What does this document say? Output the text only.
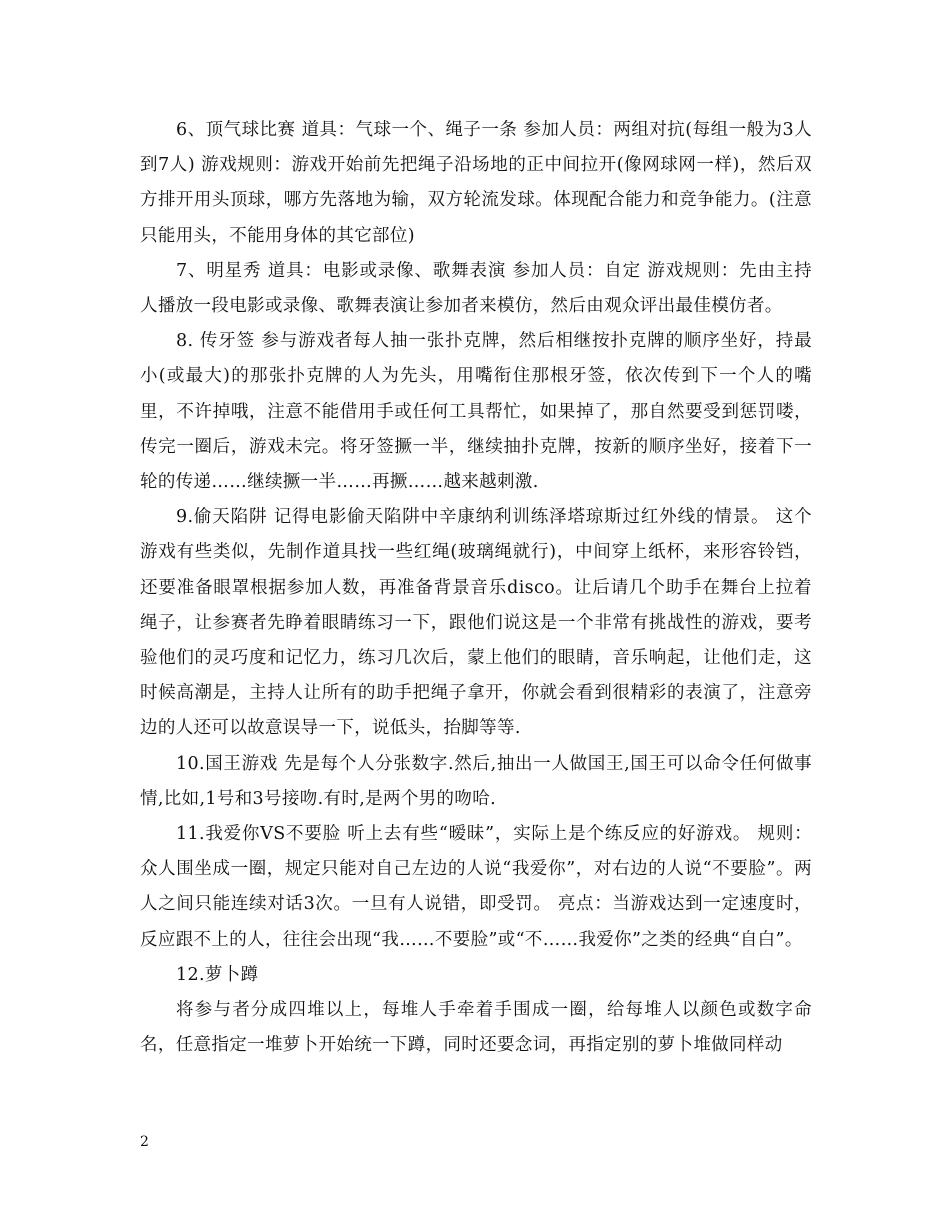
6、顶气球比赛 道具：气球一个、绳子一条 参加人员：两组对抗(每组一般为3人到7人) 游戏规则：游戏开始前先把绳子沿场地的正中间拉开(像网球网一样)，然后双方排开用头顶球，哪方先落地为输，双方轮流发球。体现配合能力和竞争能力。(注意只能用头，不能用身体的其它部位)

7、明星秀 道具：电影或录像、歌舞表演 参加人员：自定 游戏规则：先由主持人播放一段电影或录像、歌舞表演让参加者来模仿，然后由观众评出最佳模仿者。

8. 传牙签 参与游戏者每人抽一张扑克牌，然后相继按扑克牌的顺序坐好，持最小(或最大)的那张扑克牌的人为先头，用嘴衔住那根牙签，依次传到下一个人的嘴里，不许掉哦，注意不能借用手或任何工具帮忙，如果掉了，那自然要受到惩罚喽，传完一圈后，游戏未完。将牙签撅一半，继续抽扑克牌，按新的顺序坐好，接着下一轮的传递……继续撅一半……再撅……越来越刺激.

9.偷天陷阱 记得电影偷天陷阱中辛康纳利训练泽塔琼斯过红外线的情景。 这个游戏有些类似，先制作道具找一些红绳(玻璃绳就行)，中间穿上纸杯，来形容铃铛，还要准备眼罩根据参加人数，再准备背景音乐disco。让后请几个助手在舞台上拉着绳子，让参赛者先睁着眼睛练习一下，跟他们说这是一个非常有挑战性的游戏，要考验他们的灵巧度和记忆力，练习几次后，蒙上他们的眼睛，音乐响起，让他们走，这时候高潮是，主持人让所有的助手把绳子拿开，你就会看到很精彩的表演了，注意旁边的人还可以故意误导一下，说低头，抬脚等等.

10.国王游戏 先是每个人分张数字.然后,抽出一人做国王,国王可以命令任何做事情,比如,1号和3号接吻.有时,是两个男的吻哈.

11.我爱你VS不要脸 听上去有些“暧昧”，实际上是个练反应的好游戏。 规则：众人围坐成一圈，规定只能对自己左边的人说“我爱你”，对右边的人说“不要脸”。两人之间只能连续对话3次。一旦有人说错，即受罚。 亮点：当游戏达到一定速度时，反应跟不上的人，往往会出现“我……不要脸”或“不……我爱你”之类的经典“自白”。

12.萝卜蹲

将参与者分成四堆以上，每堆人手牵着手围成一圈，给每堆人以颜色或数字命名，任意指定一堆萝卜开始统一下蹲，同时还要念词，再指定别的萝卜堆做同样动

2
